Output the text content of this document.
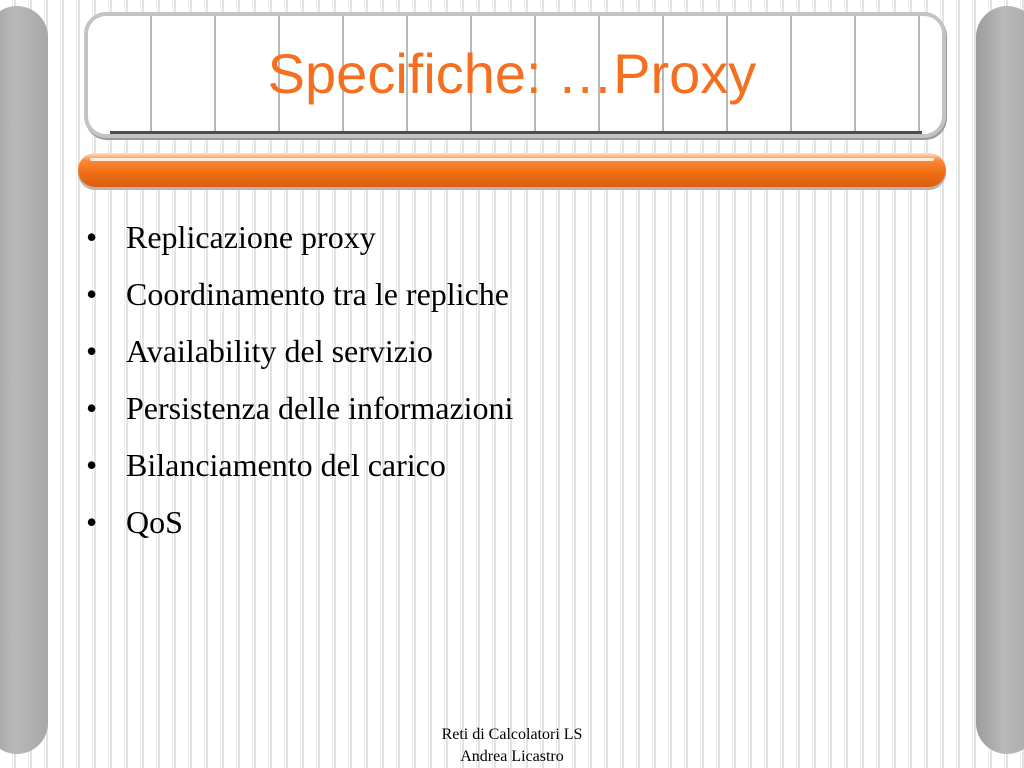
Specifiche: …Proxy
• Replicazione proxy
• Coordinamento tra le repliche
• Availability del servizio
• Persistenza delle informazioni
• Bilanciamento del carico
• QoS
Reti di Calcolatori LS
Andrea Licastro
